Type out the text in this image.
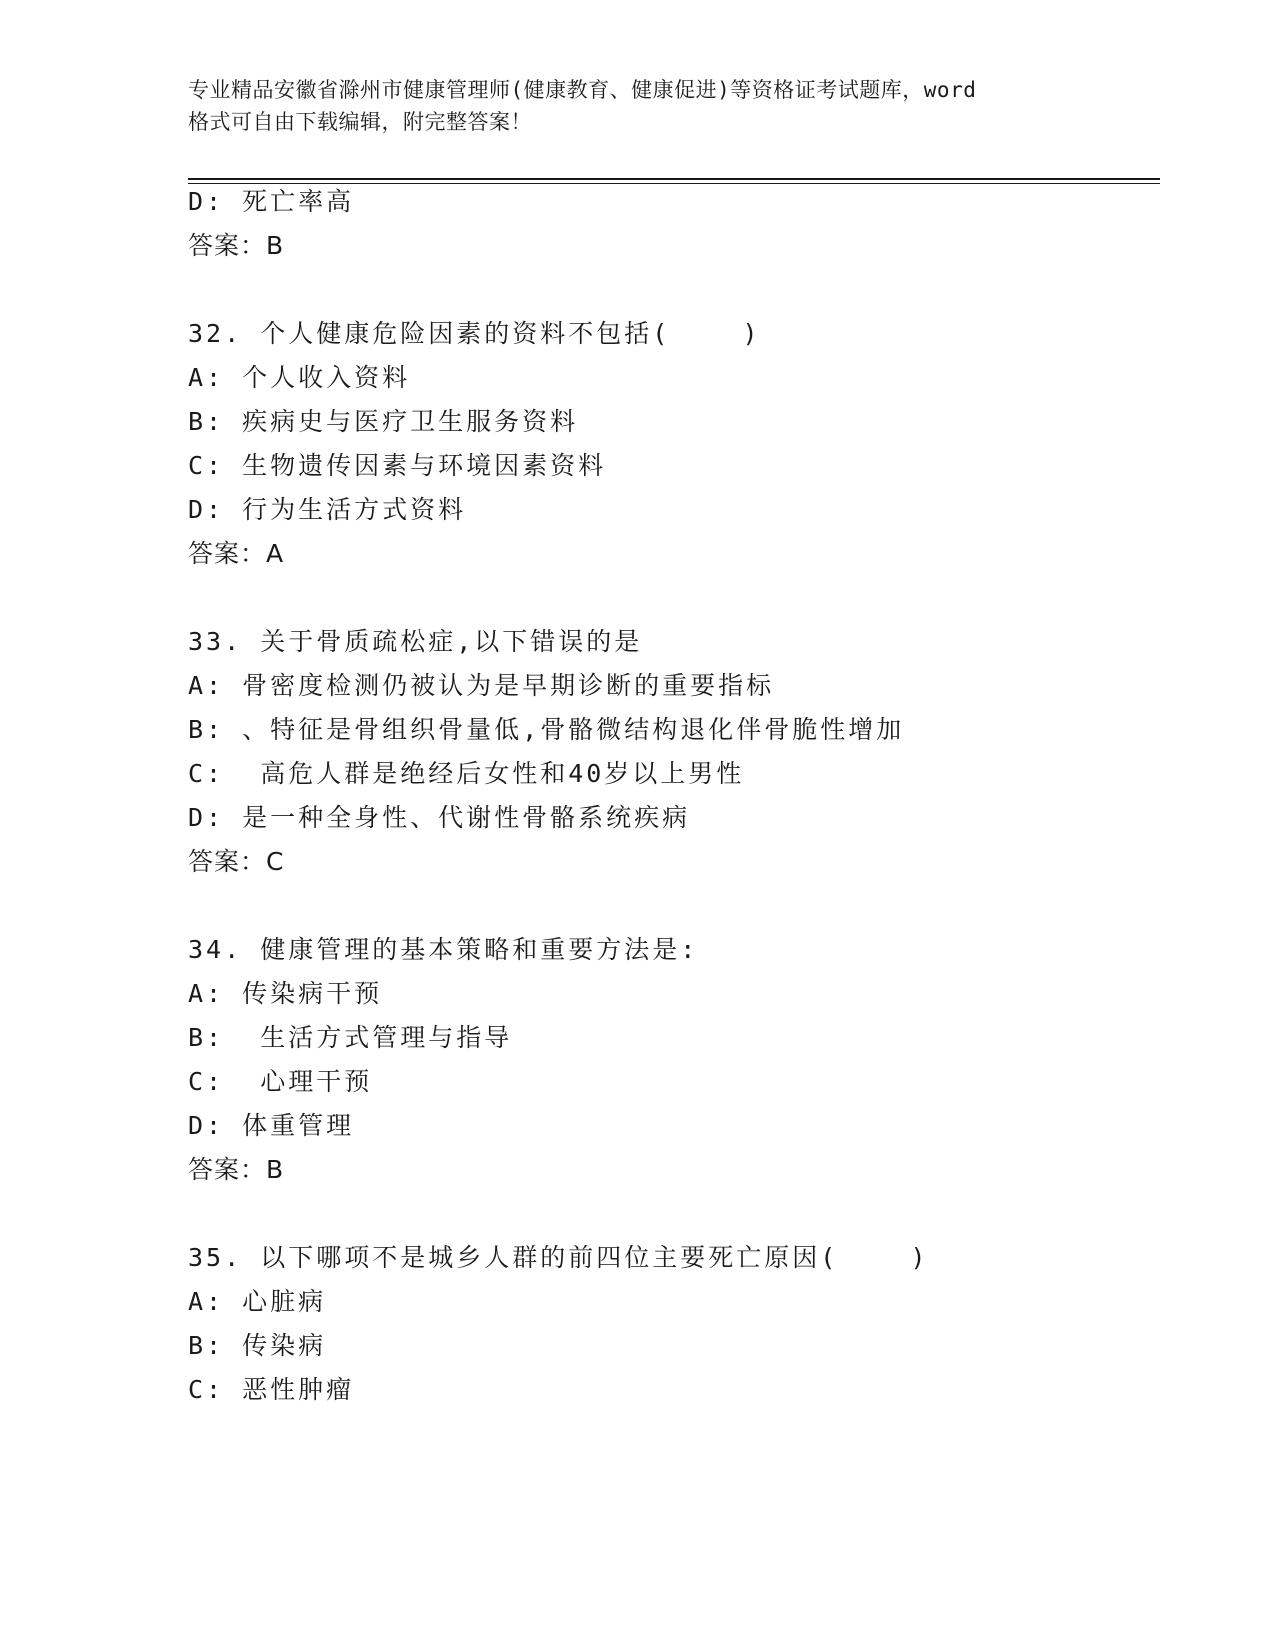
专业精品安徽省滁州市健康管理师(健康教育、健康促进)等资格证考试题库，word
格式可自由下载编辑，附完整答案！
D: 死亡率高
答案：B
32. 个人健康危险因素的资料不包括(    )
A: 个人收入资料
B: 疾病史与医疗卫生服务资料
C: 生物遗传因素与环境因素资料
D: 行为生活方式资料
答案：A
33. 关于骨质疏松症,以下错误的是
A: 骨密度检测仍被认为是早期诊断的重要指标
B: 、特征是骨组织骨量低,骨骼微结构退化伴骨脆性增加
C:  高危人群是绝经后女性和40岁以上男性
D: 是一种全身性、代谢性骨骼系统疾病
答案：C
34. 健康管理的基本策略和重要方法是:
A: 传染病干预
B:  生活方式管理与指导
C:  心理干预
D: 体重管理
答案：B
35. 以下哪项不是城乡人群的前四位主要死亡原因(    )
A: 心脏病
B: 传染病
C: 恶性肿瘤
